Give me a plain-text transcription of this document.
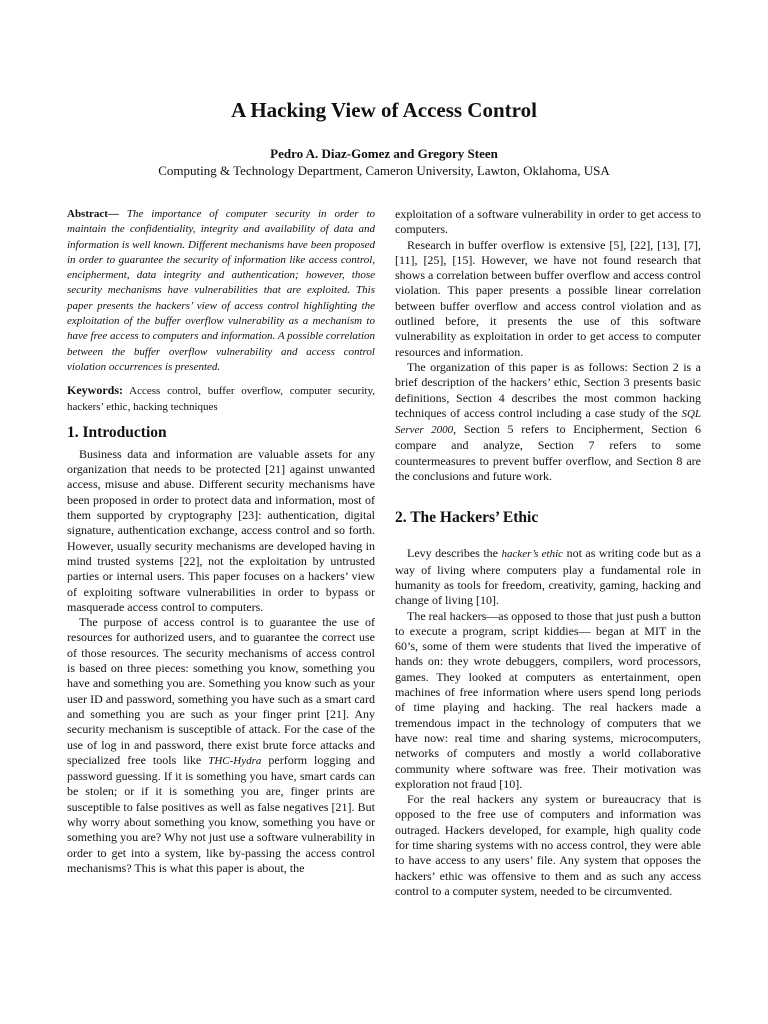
A Hacking View of Access Control
Pedro A. Diaz-Gomez and Gregory Steen
Computing & Technology Department, Cameron University, Lawton, Oklahoma, USA

Abstract— The importance of computer security in order to maintain the confidentiality, integrity and availability of data and information is well known. Different mechanisms have been proposed in order to guarantee the security of information like access control, encipherment, data integrity and authentication; however, those security mechanisms have vulnerabilities that are exploited. This paper presents the hackers’ view of access control highlighting the exploitation of the buffer overflow vulnerability as a mechanism to have free access to computers and information. A possible correlation between the buffer overflow vulnerability and access control violation occurrences is presented.

Keywords: Access control, buffer overflow, computer security, hackers’ ethic, hacking techniques

1. Introduction

Business data and information are valuable assets for any organization that needs to be protected [21] against unwanted access, misuse and abuse. Different security mechanisms have been proposed in order to protect data and information, most of them supported by cryptography [23]: authentication, digital signature, authentication exchange, access control and so forth. However, usually security mechanisms are developed having in mind trusted systems [22], not the exploitation by untrusted parties or internal users. This paper focuses on a hackers’ view of exploiting software vulnerabilities in order to bypass or masquerade access control to computers.

The purpose of access control is to guarantee the use of resources for authorized users, and to guarantee the correct use of those resources. The security mechanisms of access control is based on three pieces: something you know, something you have and something you are. Something you know such as your user ID and password, something you have such as a smart card and something you are such as your finger print [21]. Any security mechanism is susceptible of attack. For the case of the use of log in and password, there exist brute force attacks and specialized free tools like THC-Hydra perform logging and password guessing. If it is something you have, smart cards can be stolen; or if it is something you are, finger prints are susceptible to false positives as well as false negatives [21]. But why worry about something you know, something you have or something you are? Why not just use a software vulnerability in order to get into a system, like by-passing the access control mechanisms? This is what this paper is about, the

exploitation of a software vulnerability in order to get access to computers.

Research in buffer overflow is extensive [5], [22], [13], [7], [11], [25], [15]. However, we have not found research that shows a correlation between buffer overflow and access control violation. This paper presents a possible linear correlation between buffer overflow and access control violation and as outlined before, it presents the use of this software vulnerability as exploitation in order to get access to computer resources and information.

The organization of this paper is as follows: Section 2 is a brief description of the hackers’ ethic, Section 3 presents basic definitions, Section 4 describes the most common hacking techniques of access control including a case study of the SQL Server 2000, Section 5 refers to Encipherment, Section 6 compare and analyze, Section 7 refers to some countermeasures to prevent buffer overflow, and Section 8 are the conclusions and future work.

2. The Hackers’ Ethic

Levy describes the hacker’s ethic not as writing code but as a way of living where computers play a fundamental role in humanity as tools for freedom, creativity, gaming, hacking and change of living [10].

The real hackers—as opposed to those that just push a button to execute a program, script kiddies— began at MIT in the 60’s, some of them were students that lived the imperative of hands on: they wrote debuggers, compilers, word processors, games. They looked at computers as entertainment, open machines of free information where users spend long periods of time playing and hacking. The real hackers made a tremendous impact in the technology of computers that we have now: real time and sharing systems, microcomputers, networks of computers and mostly a world collaborative community where software was free. Their motivation was exploration not fraud [10].

For the real hackers any system or bureaucracy that is opposed to the free use of computers and information was outraged. Hackers developed, for example, high quality code for time sharing systems with no access control, they were able to have access to any users’ file. Any system that opposes the hackers’ ethic was offensive to them and as such any access control to a computer system, needed to be circumvented.
